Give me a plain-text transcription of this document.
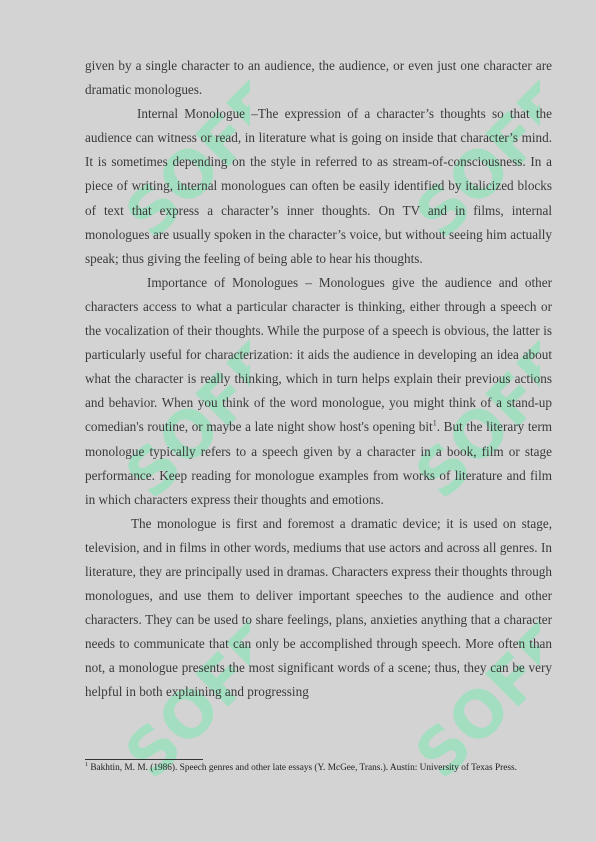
SOFF SOFF
SOFF SOFF
SOFF SOFF

given by a single character to an audience, the audience, or even just one character are dramatic monologues.

Internal Monologue –The expression of a character’s thoughts so that the audience can witness or read, in literature what is going on inside that character’s mind. It is sometimes depending on the style in referred to as stream-of-consciousness. In a piece of writing, internal monologues can often be easily identified by italicized blocks of text that express a character’s inner thoughts. On TV and in films, internal monologues are usually spoken in the character’s voice, but without seeing him actually speak; thus giving the feeling of being able to hear his thoughts.

Importance of Monologues – Monologues give the audience and other characters access to what a particular character is thinking, either through a speech or the vocalization of their thoughts. While the purpose of a speech is obvious, the latter is particularly useful for characterization: it aids the audience in developing an idea about what the character is really thinking, which in turn helps explain their previous actions and behavior. When you think of the word monologue, you might think of a stand-up comedian's routine, or maybe a late night show host's opening bit$^1$. But the literary term monologue typically refers to a speech given by a character in a book, film or stage performance. Keep reading for monologue examples from works of literature and film in which characters express their thoughts and emotions.

The monologue is first and foremost a dramatic device; it is used on stage, television, and in films in other words, mediums that use actors and across all genres. In literature, they are principally used in dramas. Characters express their thoughts through monologues, and use them to deliver important speeches to the audience and other characters. They can be used to share feelings, plans, anxieties anything that a character needs to communicate that can only be accomplished through speech. More often than not, a monologue presents the most significant words of a scene; thus, they can be very helpful in both explaining and progressing

$^1$ Bakhtin, M. M. (1986). Speech genres and other late essays (Y. McGee, Trans.). Austin: University of Texas Press.
